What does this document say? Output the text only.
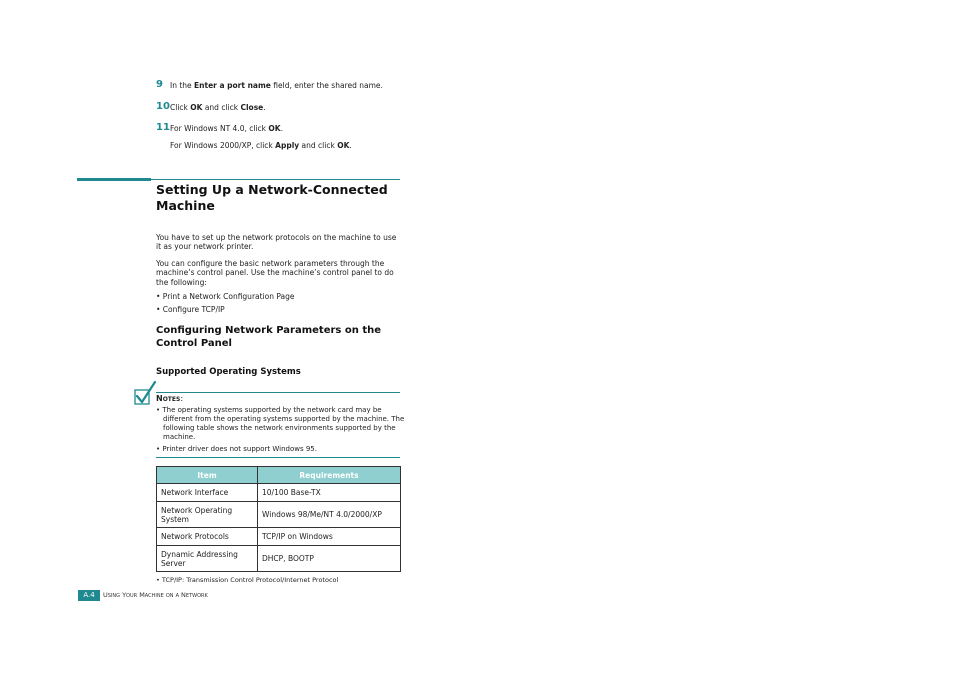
9 In the Enter a port name field, enter the shared name.
10 Click OK and click Close.
11 For Windows NT 4.0, click OK.
For Windows 2000/XP, click Apply and click OK.
Setting Up a Network-Connected Machine
You have to set up the network protocols on the machine to use it as your network printer.
You can configure the basic network parameters through the machine’s control panel. Use the machine’s control panel to do the following:
• Print a Network Configuration Page
• Configure TCP/IP
Configuring Network Parameters on the Control Panel
Supported Operating Systems
NOTES:
• The operating systems supported by the network card may be different from the operating systems supported by the machine. The following table shows the network environments supported by the machine.
• Printer driver does not support Windows 95.
Item	Requirements
Network Interface	10/100 Base-TX
Network Operating System	Windows 98/Me/NT 4.0/2000/XP
Network Protocols	TCP/IP on Windows
Dynamic Addressing Server	DHCP, BOOTP
• TCP/IP: Transmission Control Protocol/Internet Protocol
A.4	Using Your Machine on a Network
